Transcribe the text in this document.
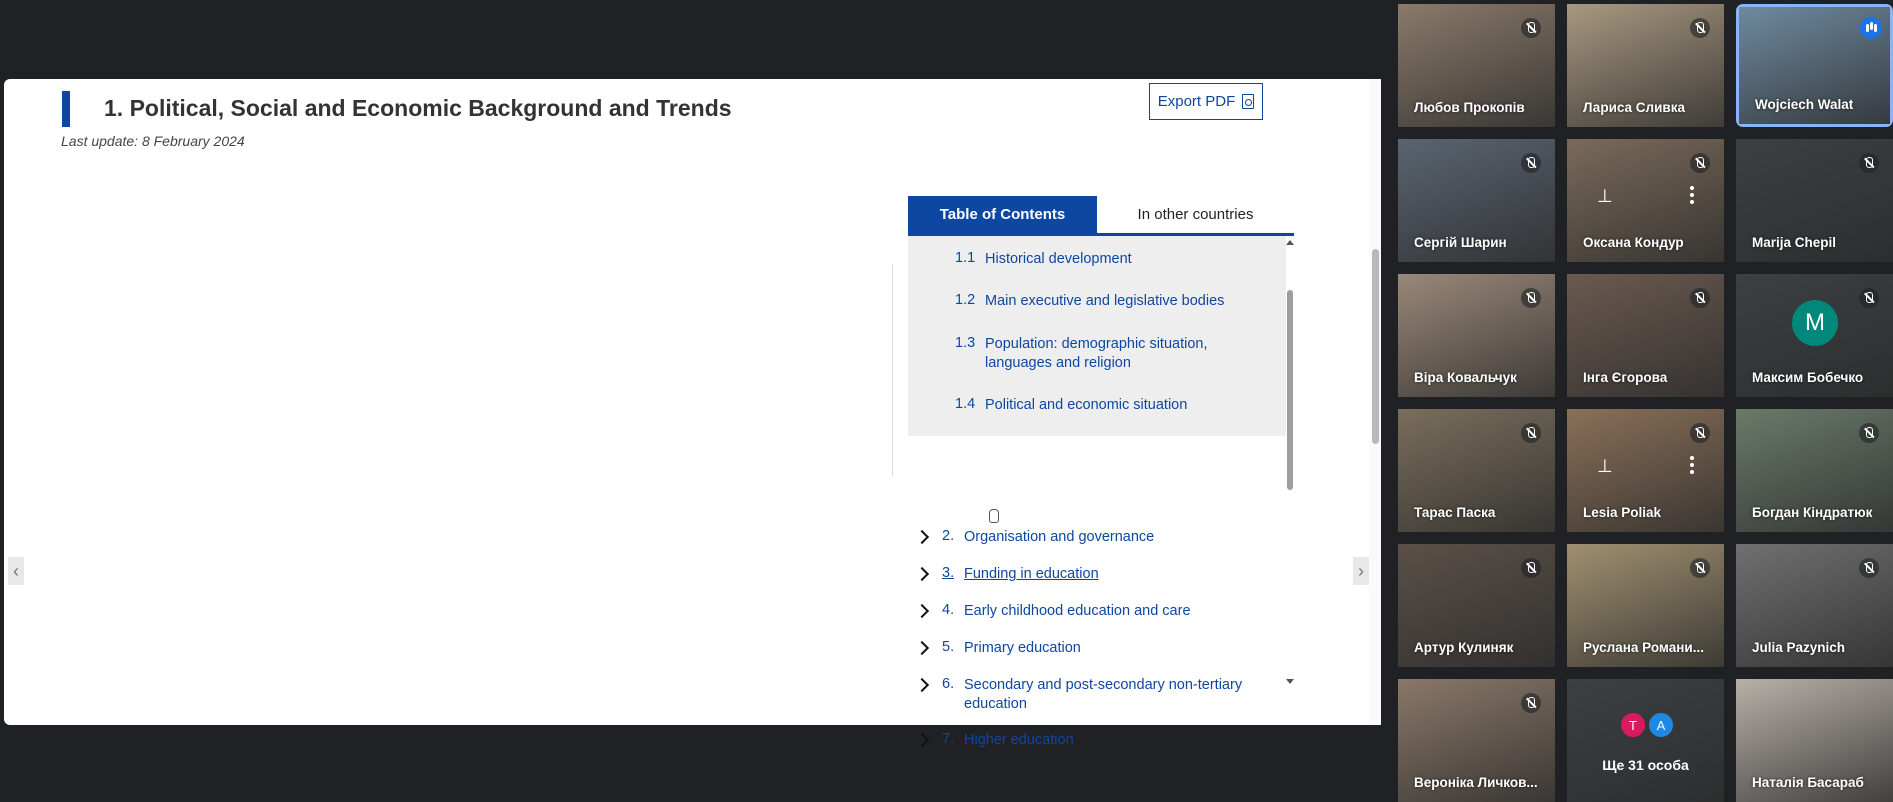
1. Political, Social and Economic Background and Trends
Last update: 8 February 2024
Export PDF
Table of Contents	In other countries
1.1 Historical development
1.2 Main executive and legislative bodies
1.3 Population: demographic situation, languages and religion
1.4 Political and economic situation
2. Organisation and governance
3. Funding in education
4. Early childhood education and care
5. Primary education
6. Secondary and post-secondary non-tertiary education
7. Higher education
‹	›
Любов Прокопів	Лариса Сливка	Wojciech Walat
Сергій Шарин	Оксана Кондур
⊥
Marija Chepil
Віра Ковальчук	Інга Єгорова
M
Максим Бобечко
Тарас Паска	Lesia Poliak
⊥
Богдан Кіндратюк
Артур Кулиняк	Руслана Романи...	Julia Pazynich
Вероніка Личков...
T	A
Ще 31 особа
Наталія Басараб
